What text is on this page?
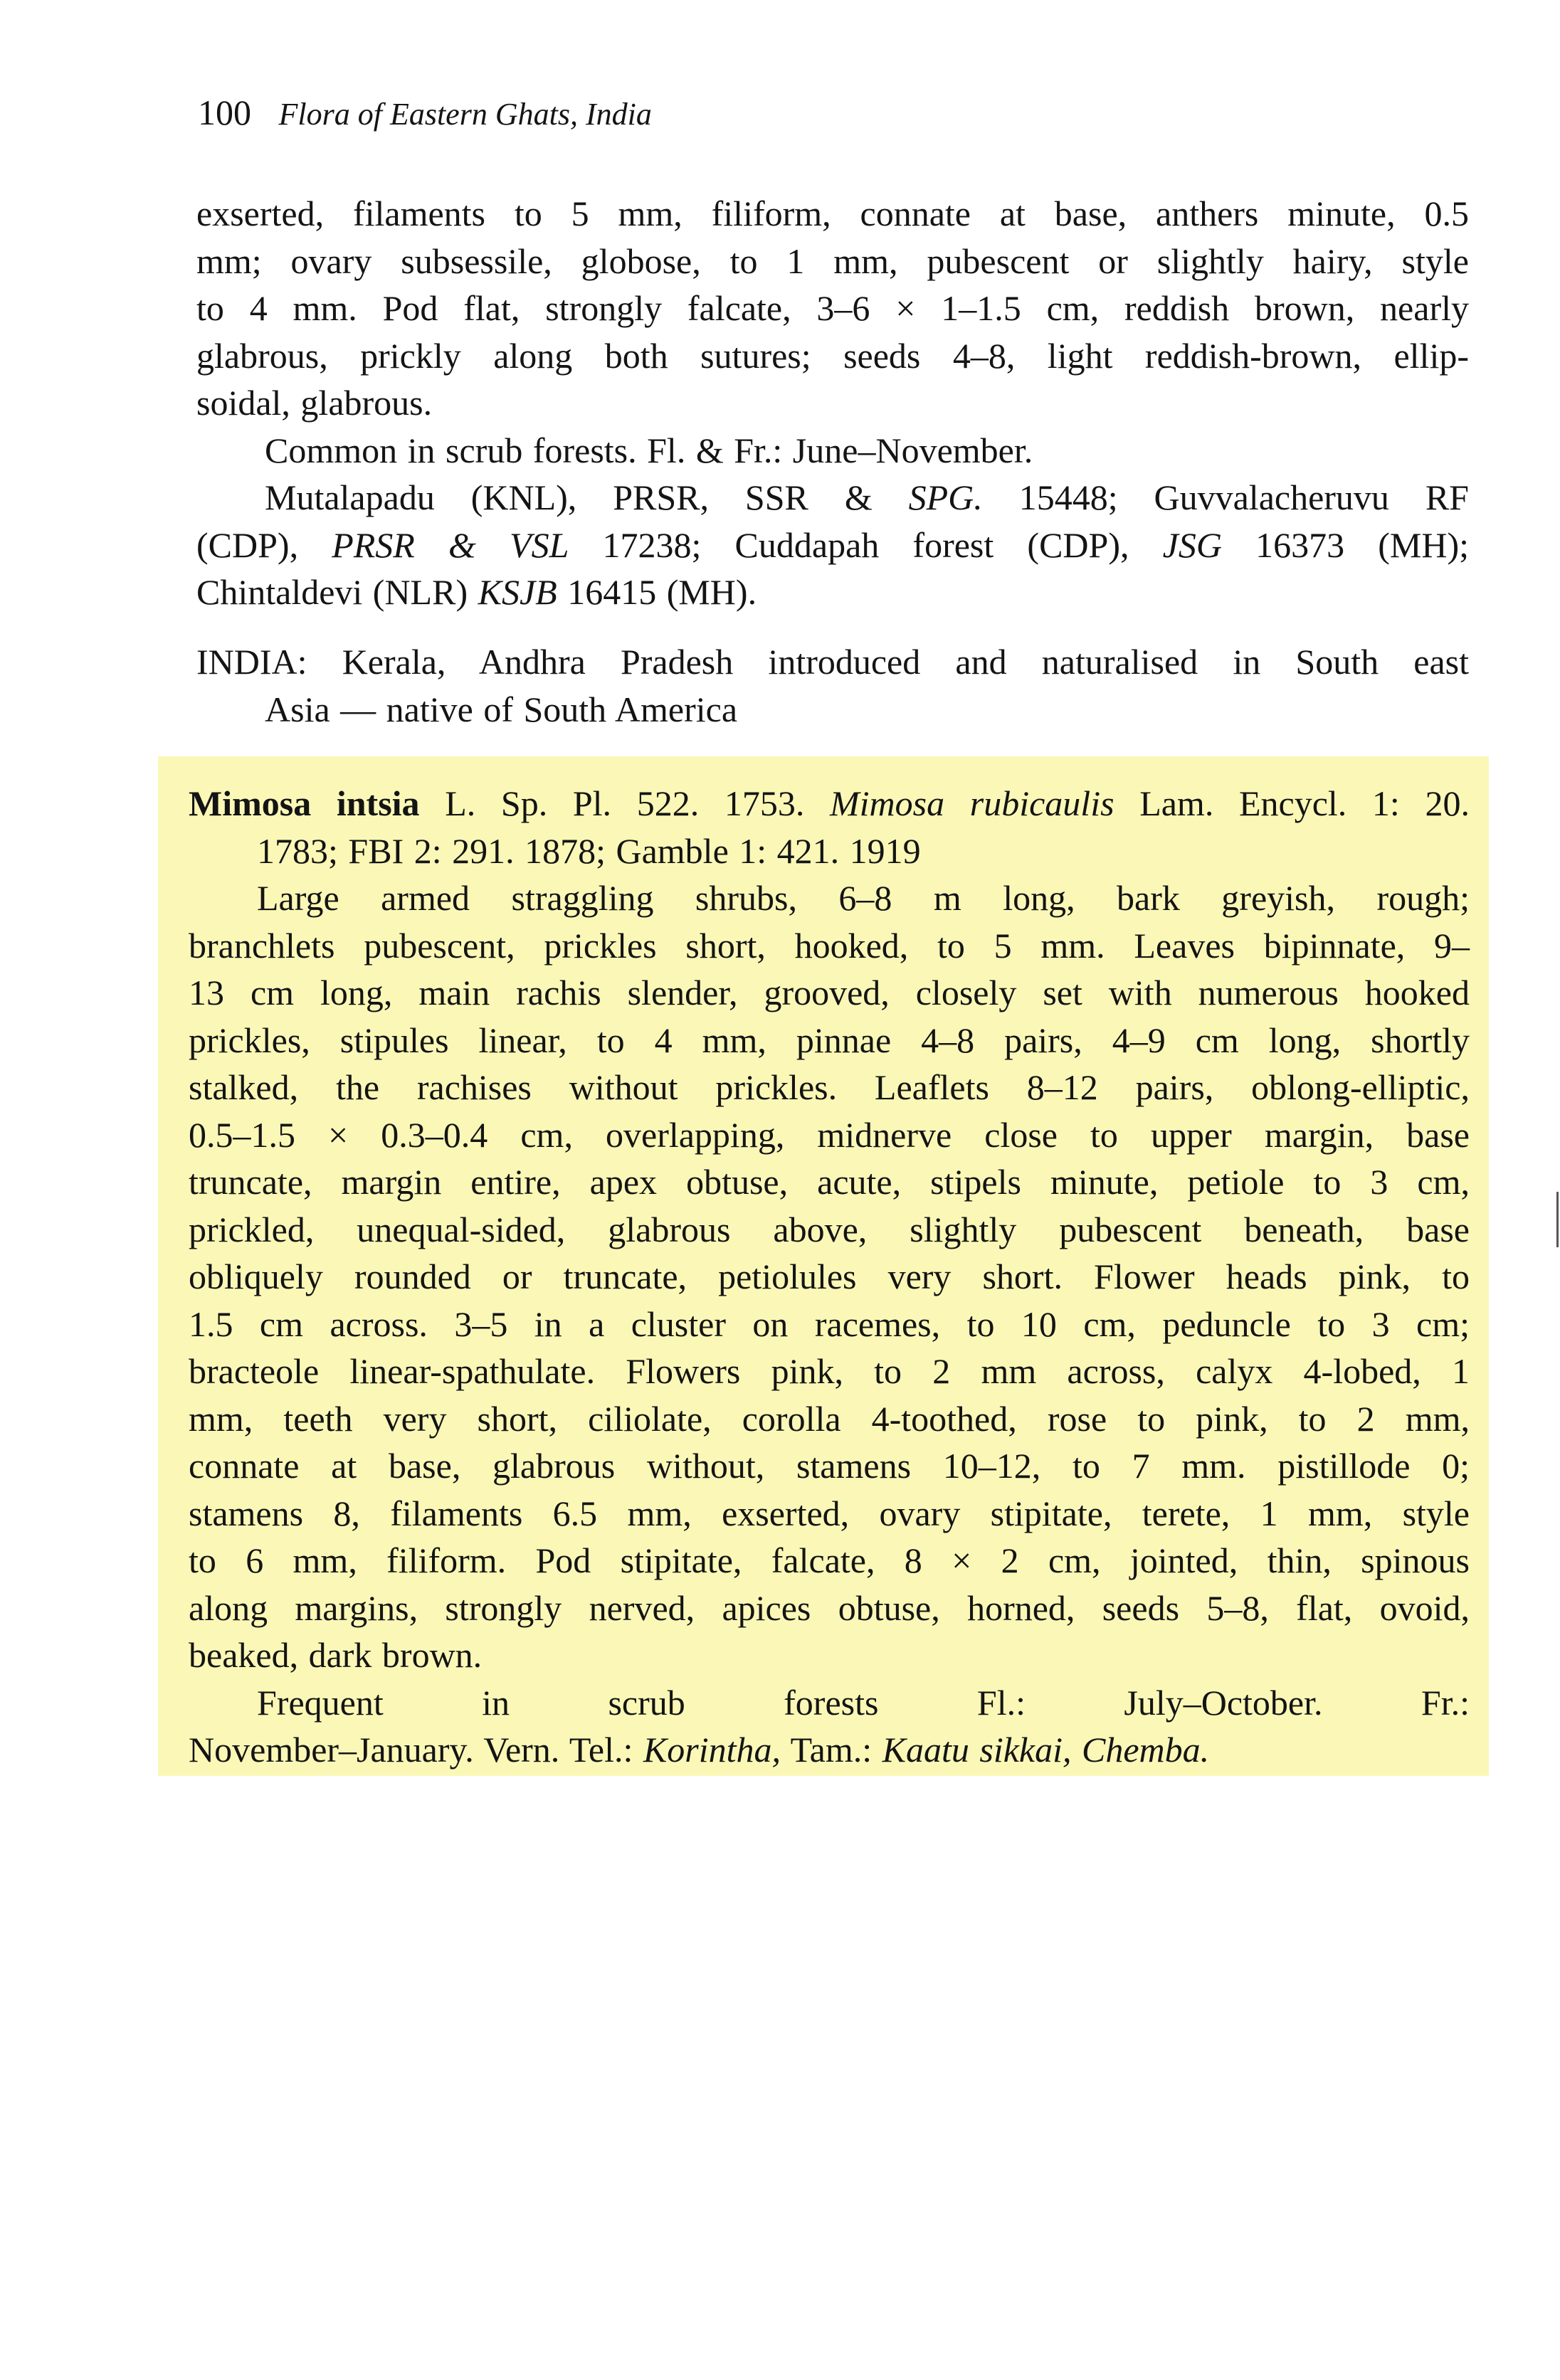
100 Flora of Eastern Ghats, India
exserted, filaments to 5 mm, filiform, connate at base, anthers minute, 0.5
mm; ovary subsessile, globose, to 1 mm, pubescent or slightly hairy, style
to 4 mm. Pod flat, strongly falcate, 3–6 × 1–1.5 cm, reddish brown, nearly
glabrous, prickly along both sutures; seeds 4–8, light reddish-brown, ellip-
soidal, glabrous.
Common in scrub forests. Fl. & Fr.: June–November.
Mutalapadu (KNL), PRSR, SSR & SPG. 15448; Guvvalacheruvu RF
(CDP), PRSR & VSL 17238; Cuddapah forest (CDP), JSG 16373 (MH);
Chintaldevi (NLR) KSJB 16415 (MH).
INDIA: Kerala, Andhra Pradesh introduced and naturalised in South east
Asia — native of South America
Mimosa intsia L. Sp. Pl. 522. 1753. Mimosa rubicaulis Lam. Encycl. 1: 20.
1783; FBI 2: 291. 1878; Gamble 1: 421. 1919
Large armed straggling shrubs, 6–8 m long, bark greyish, rough;
branchlets pubescent, prickles short, hooked, to 5 mm. Leaves bipinnate, 9–
13 cm long, main rachis slender, grooved, closely set with numerous hooked
prickles, stipules linear, to 4 mm, pinnae 4–8 pairs, 4–9 cm long, shortly
stalked, the rachises without prickles. Leaflets 8–12 pairs, oblong-elliptic,
0.5–1.5 × 0.3–0.4 cm, overlapping, midnerve close to upper margin, base
truncate, margin entire, apex obtuse, acute, stipels minute, petiole to 3 cm,
prickled, unequal-sided, glabrous above, slightly pubescent beneath, base
obliquely rounded or truncate, petiolules very short. Flower heads pink, to
1.5 cm across. 3–5 in a cluster on racemes, to 10 cm, peduncle to 3 cm;
bracteole linear-spathulate. Flowers pink, to 2 mm across, calyx 4-lobed, 1
mm, teeth very short, ciliolate, corolla 4-toothed, rose to pink, to 2 mm,
connate at base, glabrous without, stamens 10–12, to 7 mm. pistillode 0;
stamens 8, filaments 6.5 mm, exserted, ovary stipitate, terete, 1 mm, style
to 6 mm, filiform. Pod stipitate, falcate, 8 × 2 cm, jointed, thin, spinous
along margins, strongly nerved, apices obtuse, horned, seeds 5–8, flat, ovoid,
beaked, dark brown.
Frequent in scrub forests	Fl.: July–October. Fr.:
November–January. Vern. Tel.: Korintha, Tam.: Kaatu sikkai, Chemba.
